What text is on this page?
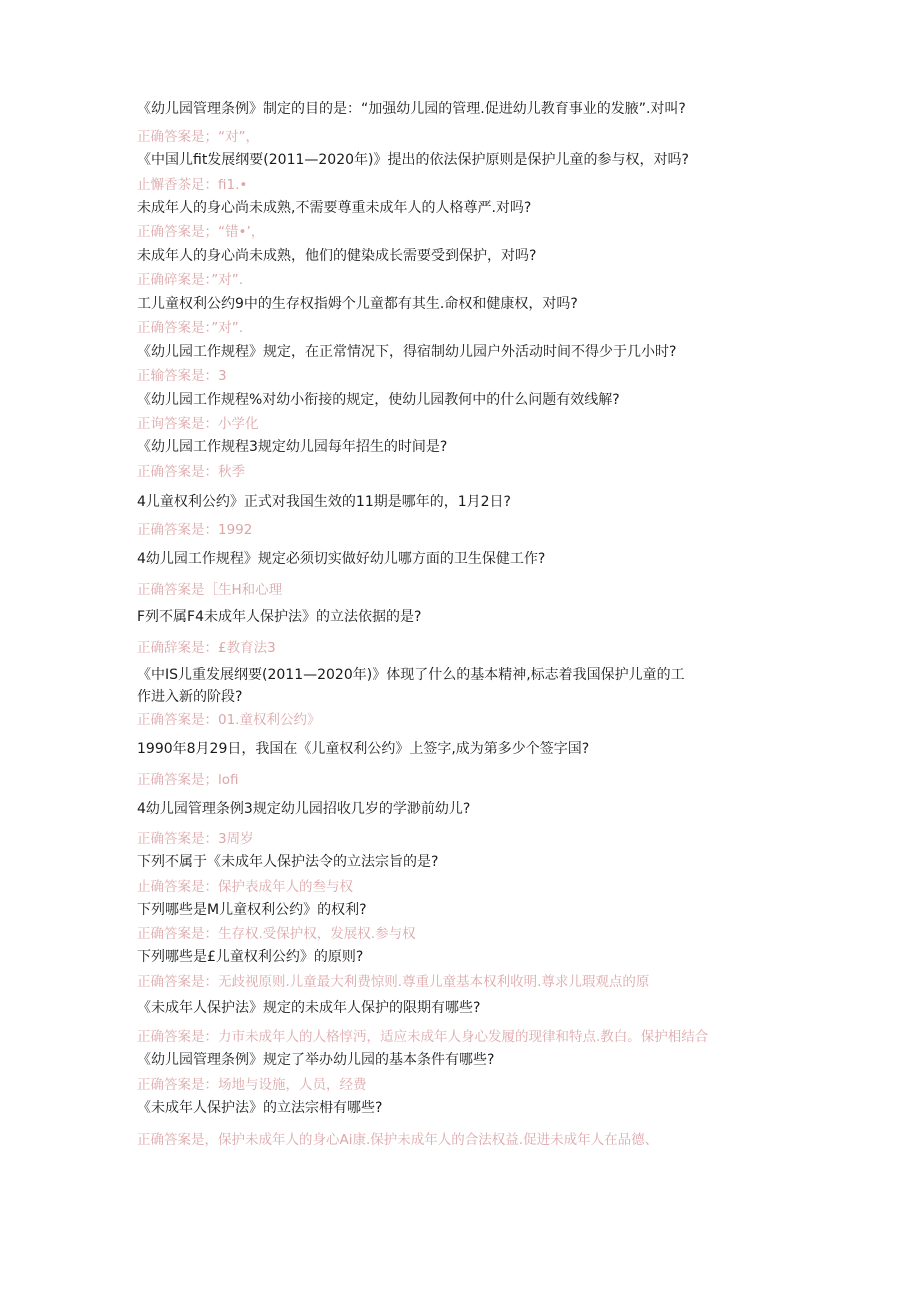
《幼儿园管理条例》制定的目的是：“加强幼儿园的管理.促进幼儿教育事业的发腋”.对叫?
正确答案是；“对”，
《中国儿fit发展纲要(2011—2020年)》提出的依法保护原则是保护儿童的参与权，对吗?
止懈香茶足：fi1.•
未成年人的身心尚未成熟,不需要尊重未成年人的人格尊严.对吗?
正确答案是；“错•’，
未成年人的身心尚未成熟，他们的健染成长需要受到保护，对吗?
正确碎案是：”对”.
工儿童权利公约9中的生存权指姆个儿童都有其生.命权和健康权，对吗?
正确答案是：”对”.
《幼儿园工作规程》规定，在正常情况下，得宿制幼儿园户外活动时间不得少于几小时?
正输答案是：3
《幼儿园工作规程%对幼小衔接的规定，使幼儿园教何中的什么问题有效线解?
正询答案是：小学化
《幼儿园工作规程3规定幼儿园每年招生的时间是?
正确答案是：秋季
4儿童权利公约》正式对我国生效的11期是哪年的，1月2日?
正确答案是：1992
4幼儿园工作规程》规定必须切实做好幼儿哪方面的卫生保健工作?
正确答案是［生H和心理
F列不属F4未成年人保护法》的立法依据的是?
正确辞案是：£教育法3
《中IS儿重发展纲要(2011—2020年)》体现了什么的基本精神,标志着我国保护儿童的工
作进入新的阶段?
正确答案是：01.童权利公约》
1990年8月29日，我国在《儿童权利公约》上签字,成为第多少个签字国?
正确答案是；lofi
4幼儿园管理条例3规定幼儿园招收几岁的学渺前幼儿?
正确答案是：3周岁
下列不属于《未成年人保护法令的立法宗旨的是?
止确答案是：保护表成年人的叁与权
下列哪些是M儿童权利公约》的权利?
正确答案是：生存权.受保护权，发展权.参与权
下列哪些是£儿童权利公约》的原则?
正确答案是：无歧视原则.儿童最大利费惊则.尊重儿童基本权利收明.尊求儿瑕观点的原
《未成年人保护法》规定的未成年人保护的限期有哪些?
正确答案是：力市未成年人的人格惇沔，适应未成年人身心发履的现律和特点.教白。保护相结合
《幼儿园管理条例》规定了举办幼儿园的基本条件有哪些?
正确答案是：场地与设施，人员，经费
《未成年人保护法》的立法宗枏有哪些?
正确答案是，保护未成年人的身心Ai康.保护未成年人的合法权益.促进未成年人在品德、
